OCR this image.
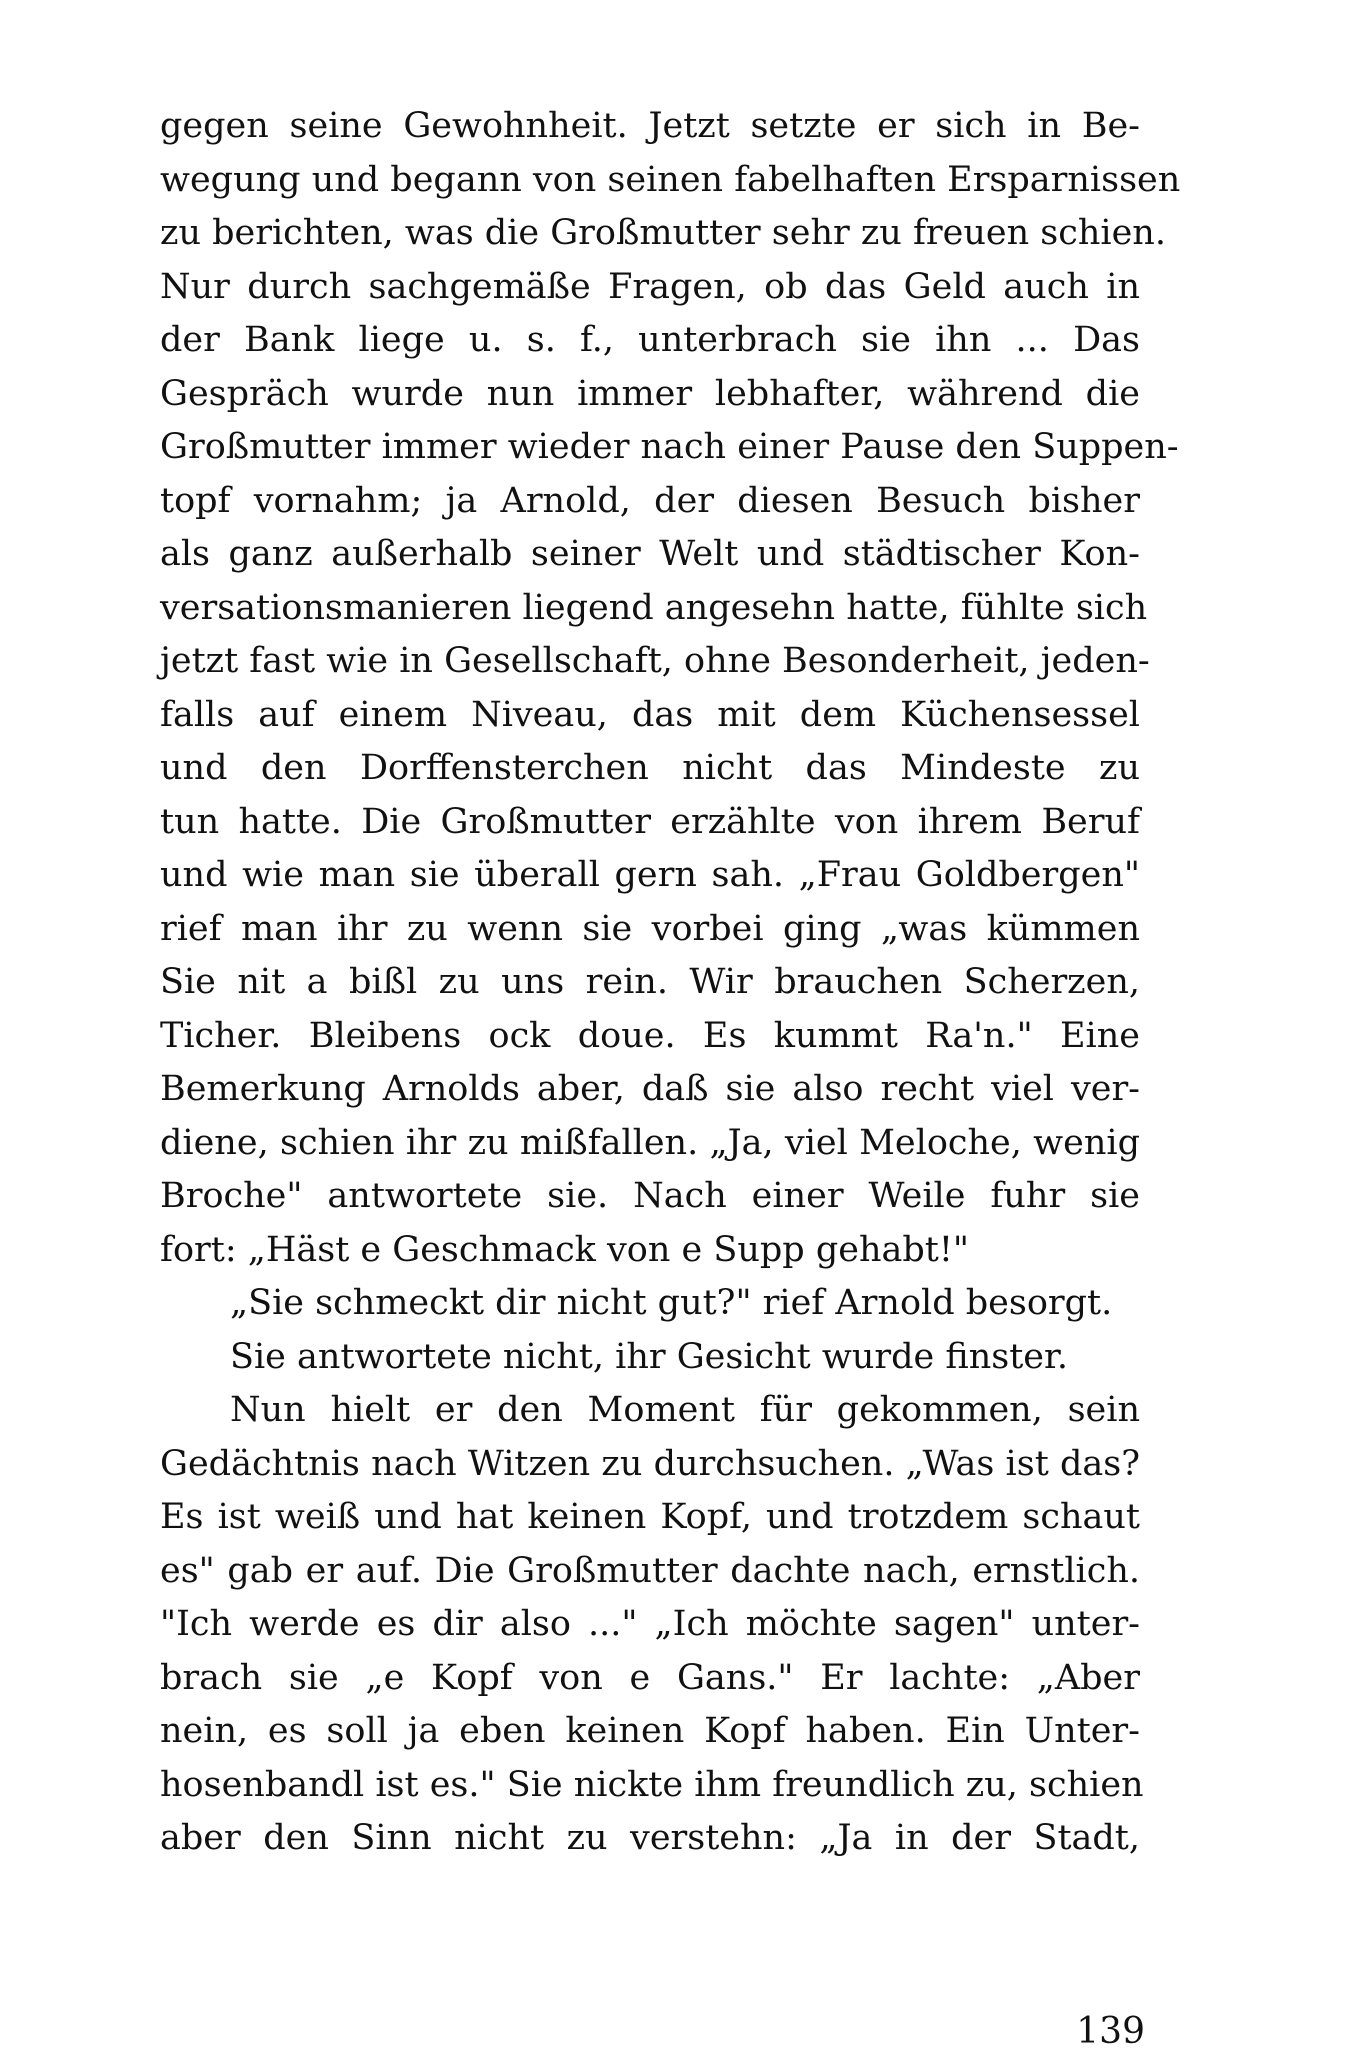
gegen seine Gewohnheit. Jetzt setzte er sich in Be-
wegung und begann von seinen fabelhaften Ersparnissen
zu berichten, was die Großmutter sehr zu freuen schien.
Nur durch sachgemäße Fragen, ob das Geld auch in
der Bank liege u. s. f., unterbrach sie ihn ... Das
Gespräch wurde nun immer lebhafter, während die
Großmutter immer wieder nach einer Pause den Suppen-
topf vornahm; ja Arnold, der diesen Besuch bisher
als ganz außerhalb seiner Welt und städtischer Kon-
versationsmanieren liegend angesehn hatte, fühlte sich
jetzt fast wie in Gesellschaft, ohne Besonderheit, jeden-
falls auf einem Niveau, das mit dem Küchensessel
und den Dorffensterchen nicht das Mindeste zu
tun hatte. Die Großmutter erzählte von ihrem Beruf
und wie man sie überall gern sah. „Frau Goldbergen"
rief man ihr zu wenn sie vorbei ging „was kümmen
Sie nit a bißl zu uns rein. Wir brauchen Scherzen,
Ticher. Bleibens ock doue. Es kummt Ra'n." Eine
Bemerkung Arnolds aber, daß sie also recht viel ver-
diene, schien ihr zu mißfallen. „Ja, viel Meloche, wenig
Broche" antwortete sie. Nach einer Weile fuhr sie
fort: „Häst e Geschmack von e Supp gehabt!"
„Sie schmeckt dir nicht gut?" rief Arnold besorgt.
Sie antwortete nicht, ihr Gesicht wurde finster.
Nun hielt er den Moment für gekommen, sein
Gedächtnis nach Witzen zu durchsuchen. „Was ist das?
Es ist weiß und hat keinen Kopf, und trotzdem schaut
es" gab er auf. Die Großmutter dachte nach, ernstlich.
"Ich werde es dir also ..." „Ich möchte sagen" unter-
brach sie „e Kopf von e Gans." Er lachte: „Aber
nein, es soll ja eben keinen Kopf haben. Ein Unter-
hosenbandl ist es." Sie nickte ihm freundlich zu, schien
aber den Sinn nicht zu verstehn: „Ja in der Stadt,
139
